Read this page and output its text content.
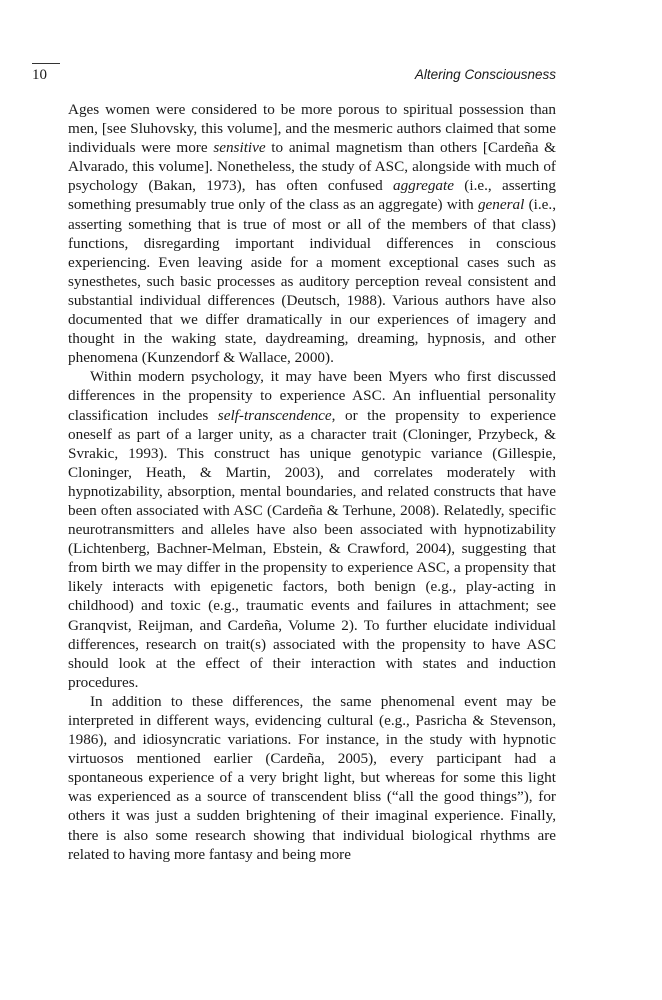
10	Altering Consciousness

Ages women were considered to be more porous to spiritual possession than men, [see Sluhovsky, this volume], and the mesmeric authors claimed that some individuals were more sensitive to animal magnetism than others [Cardeña & Alvarado, this volume]. Nonetheless, the study of ASC, alongside with much of psychology (Bakan, 1973), has often confused aggregate (i.e., asserting something presumably true only of the class as an aggregate) with general (i.e., asserting something that is true of most or all of the members of that class) functions, disregarding important individual differences in conscious experiencing. Even leaving aside for a moment exceptional cases such as synesthetes, such basic processes as auditory perception reveal consistent and substantial individual differences (Deutsch, 1988). Various authors have also documented that we differ dramatically in our experiences of imagery and thought in the waking state, daydreaming, dreaming, hypnosis, and other phenomena (Kunzendorf & Wallace, 2000).

Within modern psychology, it may have been Myers who first discussed differences in the propensity to experience ASC. An influential personality classification includes self-transcendence, or the propensity to experience oneself as part of a larger unity, as a character trait (Cloninger, Przybeck, & Svrakic, 1993). This construct has unique genotypic variance (Gillespie, Cloninger, Heath, & Martin, 2003), and correlates moderately with hypnotizability, absorption, mental boundaries, and related constructs that have been often associated with ASC (Cardeña & Terhune, 2008). Relatedly, specific neurotransmitters and alleles have also been associated with hypnotizability (Lichtenberg, Bachner-Melman, Ebstein, & Crawford, 2004), suggesting that from birth we may differ in the propensity to experience ASC, a propensity that likely interacts with epigenetic factors, both benign (e.g., play-acting in childhood) and toxic (e.g., traumatic events and failures in attachment; see Granqvist, Reijman, and Cardeña, Volume 2). To further elucidate individual differences, research on trait(s) associated with the propensity to have ASC should look at the effect of their interaction with states and induction procedures.

In addition to these differences, the same phenomenal event may be interpreted in different ways, evidencing cultural (e.g., Pasricha & Stevenson, 1986), and idiosyncratic variations. For instance, in the study with hypnotic virtuosos mentioned earlier (Cardeña, 2005), every participant had a spontaneous experience of a very bright light, but whereas for some this light was experienced as a source of transcendent bliss (“all the good things”), for others it was just a sudden brightening of their imaginal experience. Finally, there is also some research showing that individual biological rhythms are related to having more fantasy and being more
